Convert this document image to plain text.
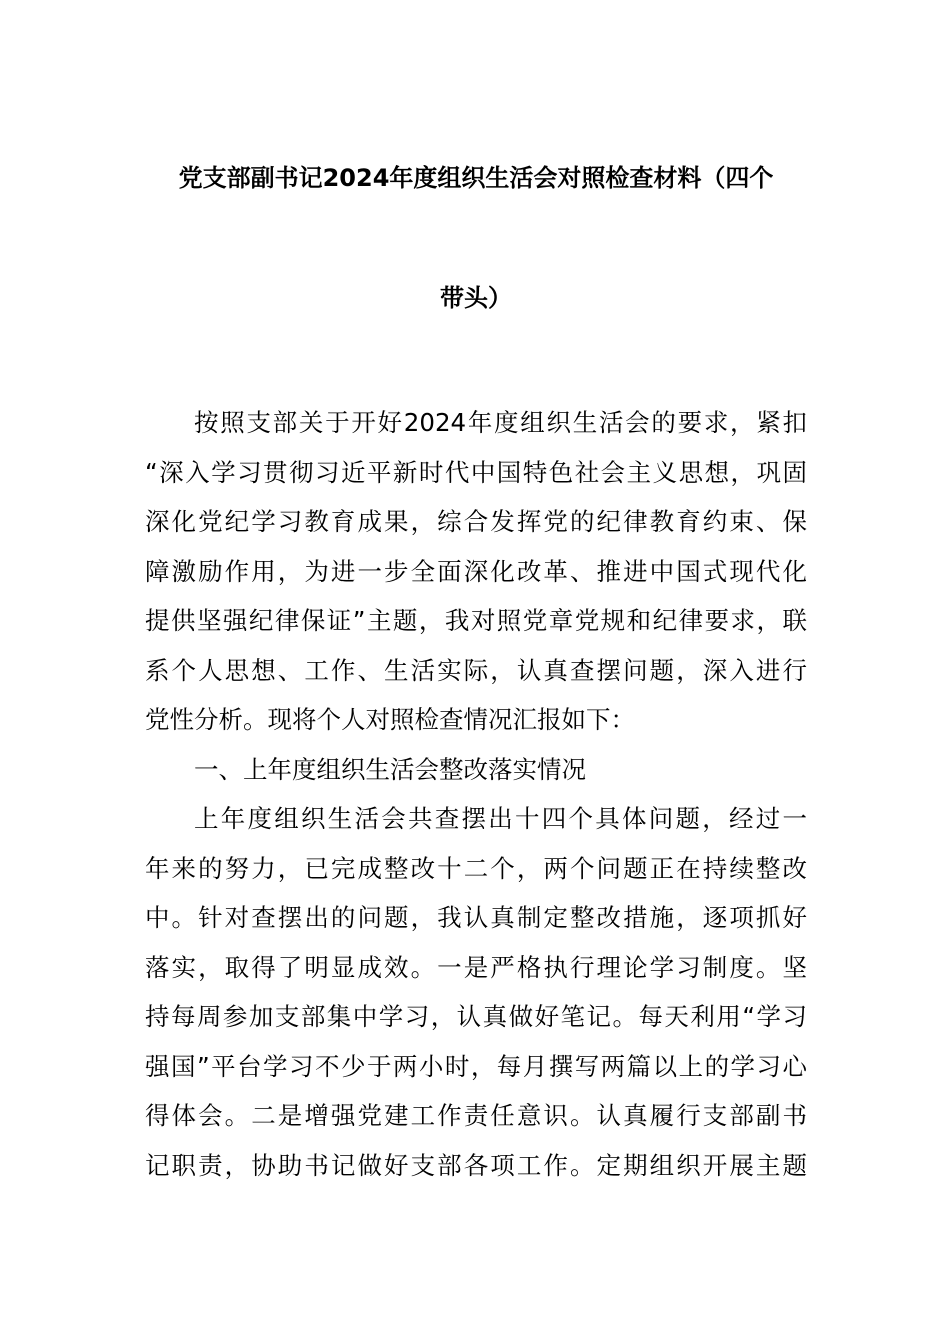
党支部副书记2024年度组织生活会对照检查材料（四个
带头）
按照支部关于开好2024年度组织生活会的要求，紧扣
“深入学习贯彻习近平新时代中国特色社会主义思想，巩固
深化党纪学习教育成果，综合发挥党的纪律教育约束、保
障激励作用，为进一步全面深化改革、推进中国式现代化
提供坚强纪律保证”主题，我对照党章党规和纪律要求，联
系个人思想、工作、生活实际，认真查摆问题，深入进行
党性分析。现将个人对照检查情况汇报如下：
一、上年度组织生活会整改落实情况
上年度组织生活会共查摆出十四个具体问题，经过一
年来的努力，已完成整改十二个，两个问题正在持续整改
中。针对查摆出的问题，我认真制定整改措施，逐项抓好
落实，取得了明显成效。一是严格执行理论学习制度。坚
持每周参加支部集中学习，认真做好笔记。每天利用“学习
强国”平台学习不少于两小时，每月撰写两篇以上的学习心
得体会。二是增强党建工作责任意识。认真履行支部副书
记职责，协助书记做好支部各项工作。定期组织开展主题
